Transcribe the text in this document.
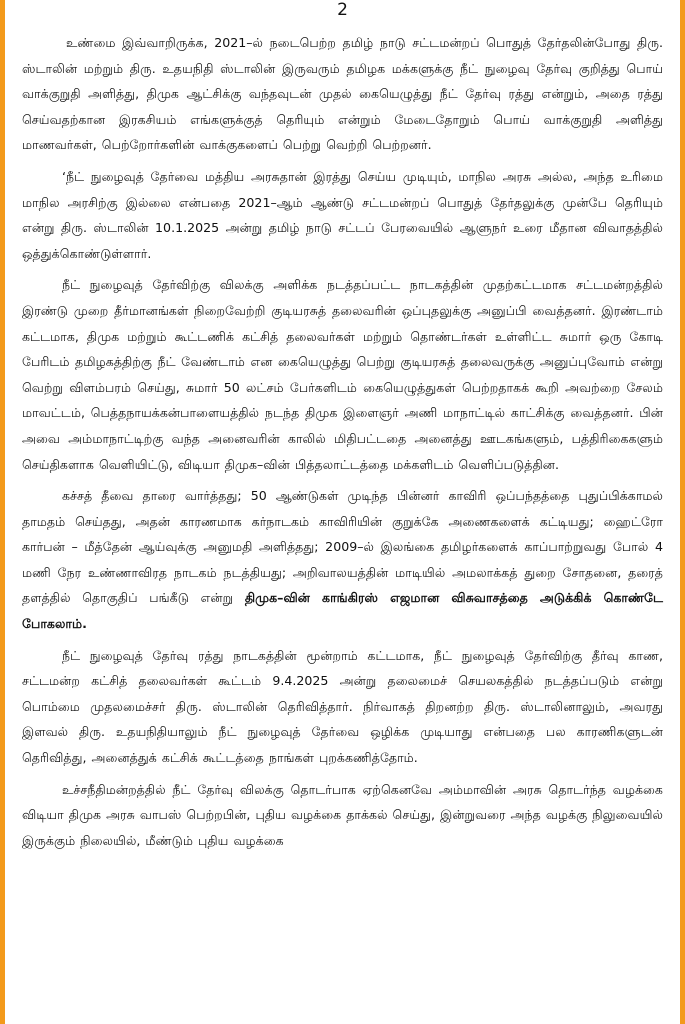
2

உண்மை இவ்வாறிருக்க, 2021–ல் நடைபெற்ற தமிழ் நாடு சட்டமன்றப் பொதுத் தேர்தலின்போது திரு. ஸ்டாலின் மற்றும் திரு. உதயநிதி ஸ்டாலின் இருவரும் தமிழக மக்களுக்கு நீட் நுழைவு தேர்வு குறித்து பொய் வாக்குறுதி அளித்து, திமுக ஆட்சிக்கு வந்தவுடன் முதல் கையெழுத்து நீட் தேர்வு ரத்து என்றும், அதை ரத்து செய்வதற்கான இரகசியம் எங்களுக்குத் தெரியும் என்றும் மேடைதோறும் பொய் வாக்குறுதி அளித்து மாணவர்கள், பெற்றோர்களின் வாக்குகளைப் பெற்று வெற்றி பெற்றனர்.

‘நீட் நுழைவுத் தேர்வை மத்திய அரசுதான் இரத்து செய்ய முடியும், மாநில அரசு அல்ல, அந்த உரிமை மாநில அரசிற்கு இல்லை என்பதை 2021–ஆம் ஆண்டு சட்டமன்றப் பொதுத் தேர்தலுக்கு முன்பே தெரியும் என்று திரு. ஸ்டாலின் 10.1.2025 அன்று தமிழ் நாடு சட்டப் பேரவையில் ஆளுநர் உரை மீதான விவாதத்தில் ஒத்துக்கொண்டுள்ளார்.

நீட் நுழைவுத் தேர்விற்கு விலக்கு அளிக்க நடத்தப்பட்ட நாடகத்தின் முதற்கட்டமாக சட்டமன்றத்தில் இரண்டு முறை தீர்மானங்கள் நிறைவேற்றி குடியரசுத் தலைவரின் ஒப்புதலுக்கு அனுப்பி வைத்தனர். இரண்டாம் கட்டமாக, திமுக மற்றும் கூட்டணிக் கட்சித் தலைவர்கள் மற்றும் தொண்டர்கள் உள்ளிட்ட சுமார் ஒரு கோடி பேரிடம் தமிழகத்திற்கு நீட் வேண்டாம் என கையெழுத்து பெற்று குடியரசுத் தலைவருக்கு அனுப்புவோம் என்று வெற்று விளம்பரம் செய்து, சுமார் 50 லட்சம் பேர்களிடம் கையெழுத்துகள் பெற்றதாகக் கூறி அவற்றை சேலம் மாவட்டம், பெத்தநாயக்கன்பாளையத்தில் நடந்த திமுக இளைஞர் அணி மாநாட்டில் காட்சிக்கு வைத்தனர். பின் அவை அம்மாநாட்டிற்கு வந்த அனைவரின் காலில் மிதிபட்டதை அனைத்து ஊடகங்களும், பத்திரிகைகளும் செய்திகளாக வெளியிட்டு, விடியா திமுக–வின் பித்தலாட்டத்தை மக்களிடம் வெளிப்படுத்தின.

கச்சத் தீவை தாரை வார்த்தது; 50 ஆண்டுகள் முடிந்த பின்னர் காவிரி ஒப்பந்தத்தை புதுப்பிக்காமல் தாமதம் செய்தது, அதன் காரணமாக கர்நாடகம் காவிரியின் குறுக்கே அணைகளைக் கட்டியது; ஹைட்ரோ கார்பன் – மீத்தேன் ஆய்வுக்கு அனுமதி அளித்தது; 2009–ல் இலங்கை தமிழர்களைக் காப்பாற்றுவது போல் 4 மணி நேர உண்ணாவிரத நாடகம் நடத்தியது; அறிவாலயத்தின் மாடியில் அமலாக்கத் துறை சோதனை, தரைத் தளத்தில் தொகுதிப் பங்கீடு என்று திமுக–வின் காங்கிரஸ் எஜமான விசுவாசத்தை அடுக்கிக் கொண்டே போகலாம்.

நீட் நுழைவுத் தேர்வு ரத்து நாடகத்தின் மூன்றாம் கட்டமாக, நீட் நுழைவுத் தேர்விற்கு தீர்வு காண, சட்டமன்ற கட்சித் தலைவர்கள் கூட்டம் 9.4.2025 அன்று தலைமைச் செயலகத்தில் நடத்தப்படும் என்று பொம்மை முதலமைச்சர் திரு. ஸ்டாலின் தெரிவித்தார். நிர்வாகத் திறனற்ற திரு. ஸ்டாலினாலும், அவரது இளவல் திரு. உதயநிதியாலும் நீட் நுழைவுத் தேர்வை ஒழிக்க முடியாது என்பதை பல காரணிகளுடன் தெரிவித்து, அனைத்துக் கட்சிக் கூட்டத்தை நாங்கள் புறக்கணித்தோம்.

உச்சநீதிமன்றத்தில் நீட் தேர்வு விலக்கு தொடர்பாக ஏற்கெனவே அம்மாவின் அரசு தொடர்ந்த வழக்கை விடியா திமுக அரசு வாபஸ் பெற்றபின், புதிய வழக்கை தாக்கல் செய்து, இன்றுவரை அந்த வழக்கு நிலுவையில் இருக்கும் நிலையில், மீண்டும் புதிய வழக்கை
